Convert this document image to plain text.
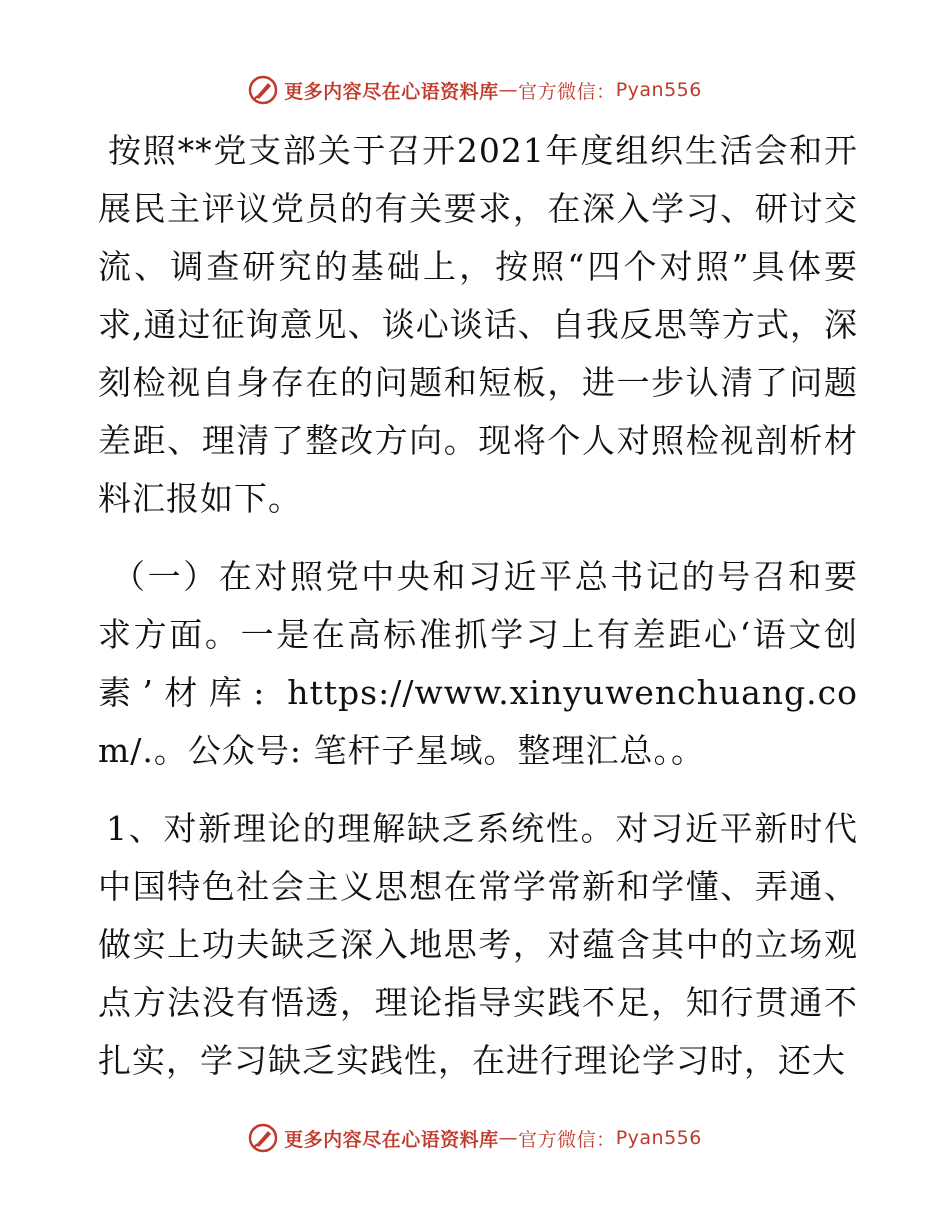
更多内容尽在心语资料库 — 官方微信： Pyan556

按照**党支部关于召开2021年度组织生活会和开展民主评议党员的有关要求，在深入学习、研讨交流、调查研究的基础上，按照“四个对照”具体要求,通过征询意见、谈心谈话、自我反思等方式，深刻检视自身存在的问题和短板，进一步认清了问题差距、理清了整改方向。现将个人对照检视剖析材料汇报如下。

（一）在对照党中央和习近平总书记的号召和要求方面。一是在高标准抓学习上有差距心‘语文创素’材库: https://www.xinyuwenchuang.com/.。公众号: 笔杆子星域。整理汇总。。

1、对新理论的理解缺乏系统性。对习近平新时代中国特色社会主义思想在常学常新和学懂、弄通、做实上功夫缺乏深入地思考，对蕴含其中的立场观点方法没有悟透，理论指导实践不足，知行贯通不扎实，学习缺乏实践性，在进行理论学习时，还大

更多内容尽在心语资料库 — 官方微信： Pyan556
